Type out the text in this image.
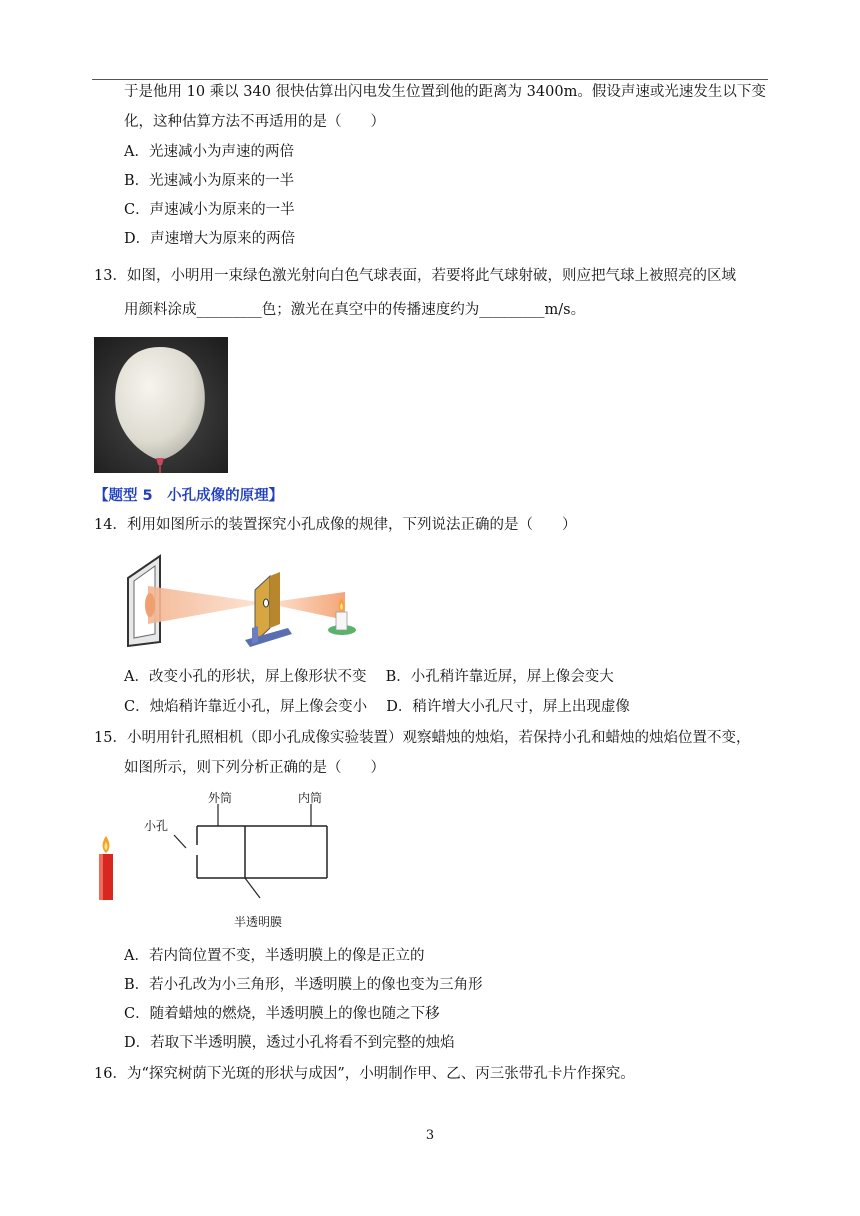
于是他用 10 乘以 340 很快估算出闪电发生位置到他的距离为 3400m。假设声速或光速发生以下变
化，这种估算方法不再适用的是（　　）
A．光速减小为声速的两倍
B．光速减小为原来的一半
C．声速减小为原来的一半
D．声速增大为原来的两倍
13．如图，小明用一束绿色激光射向白色气球表面，若要将此气球射破，则应把气球上被照亮的区域
用颜料涂成_________色；激光在真空中的传播速度约为_________m/s。
【题型 5　小孔成像的原理】
14．利用如图所示的装置探究小孔成像的规律，下列说法正确的是（　　）
A．改变小孔的形状，屏上像形状不变　 B．小孔稍许靠近屏，屏上像会变大
C．烛焰稍许靠近小孔，屏上像会变小　 D．稍许增大小孔尺寸，屏上出现虚像
15．小明用针孔照相机（即小孔成像实验装置）观察蜡烛的烛焰，若保持小孔和蜡烛的烛焰位置不变，
如图所示，则下列分析正确的是（　　）
外筒	内筒
小孔
半透明膜
A．若内筒位置不变，半透明膜上的像是正立的
B．若小孔改为小三角形，半透明膜上的像也变为三角形
C．随着蜡烛的燃烧，半透明膜上的像也随之下移
D．若取下半透明膜，透过小孔将看不到完整的烛焰
16．为“探究树荫下光斑的形状与成因”，小明制作甲、乙、丙三张带孔卡片作探究。
3
